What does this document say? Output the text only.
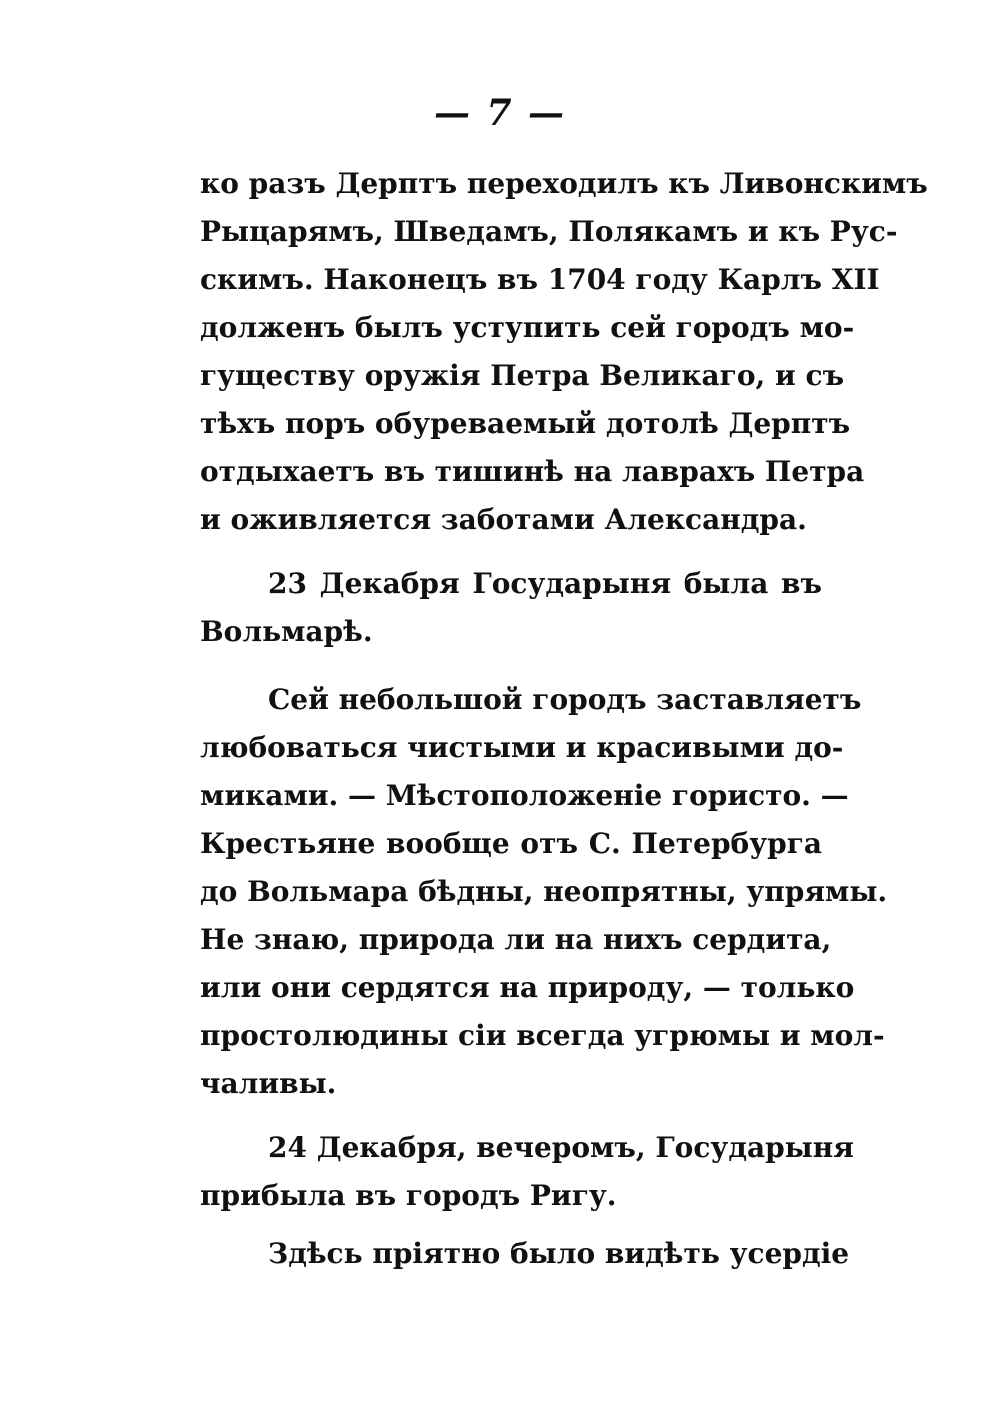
— 7 —
ко разъ Дерптъ переходилъ къ Ливонскимъ
Рыцарямъ, Шведамъ, Полякамъ и къ Рус-
скимъ. Наконецъ въ 1704 году Карлъ XII
долженъ былъ уступить сей городъ мо-
гуществу оружія Петра Великаго, и съ
тѣхъ поръ обуреваемый дотолѣ Дерптъ
отдыхаетъ въ тишинѣ на лаврахъ Петра
и оживляется заботами Александра.
23 Декабря Государыня была въ
Вольмарѣ.
Сей небольшой городъ заставляетъ
любоваться чистыми и красивыми до-
миками. — Мѣстоположеніе гористо. —
Крестьяне вообще отъ С. Петербурга
до Вольмара бѣдны, неопрятны, упрямы.
Не знаю, природа ли на нихъ сердита,
или они сердятся на природу, — только
простолюдины сіи всегда угрюмы и мол-
чаливы.
24 Декабря, вечеромъ, Государыня
прибыла въ городъ Ригу.
Здѣсь пріятно было видѣть усердіе
